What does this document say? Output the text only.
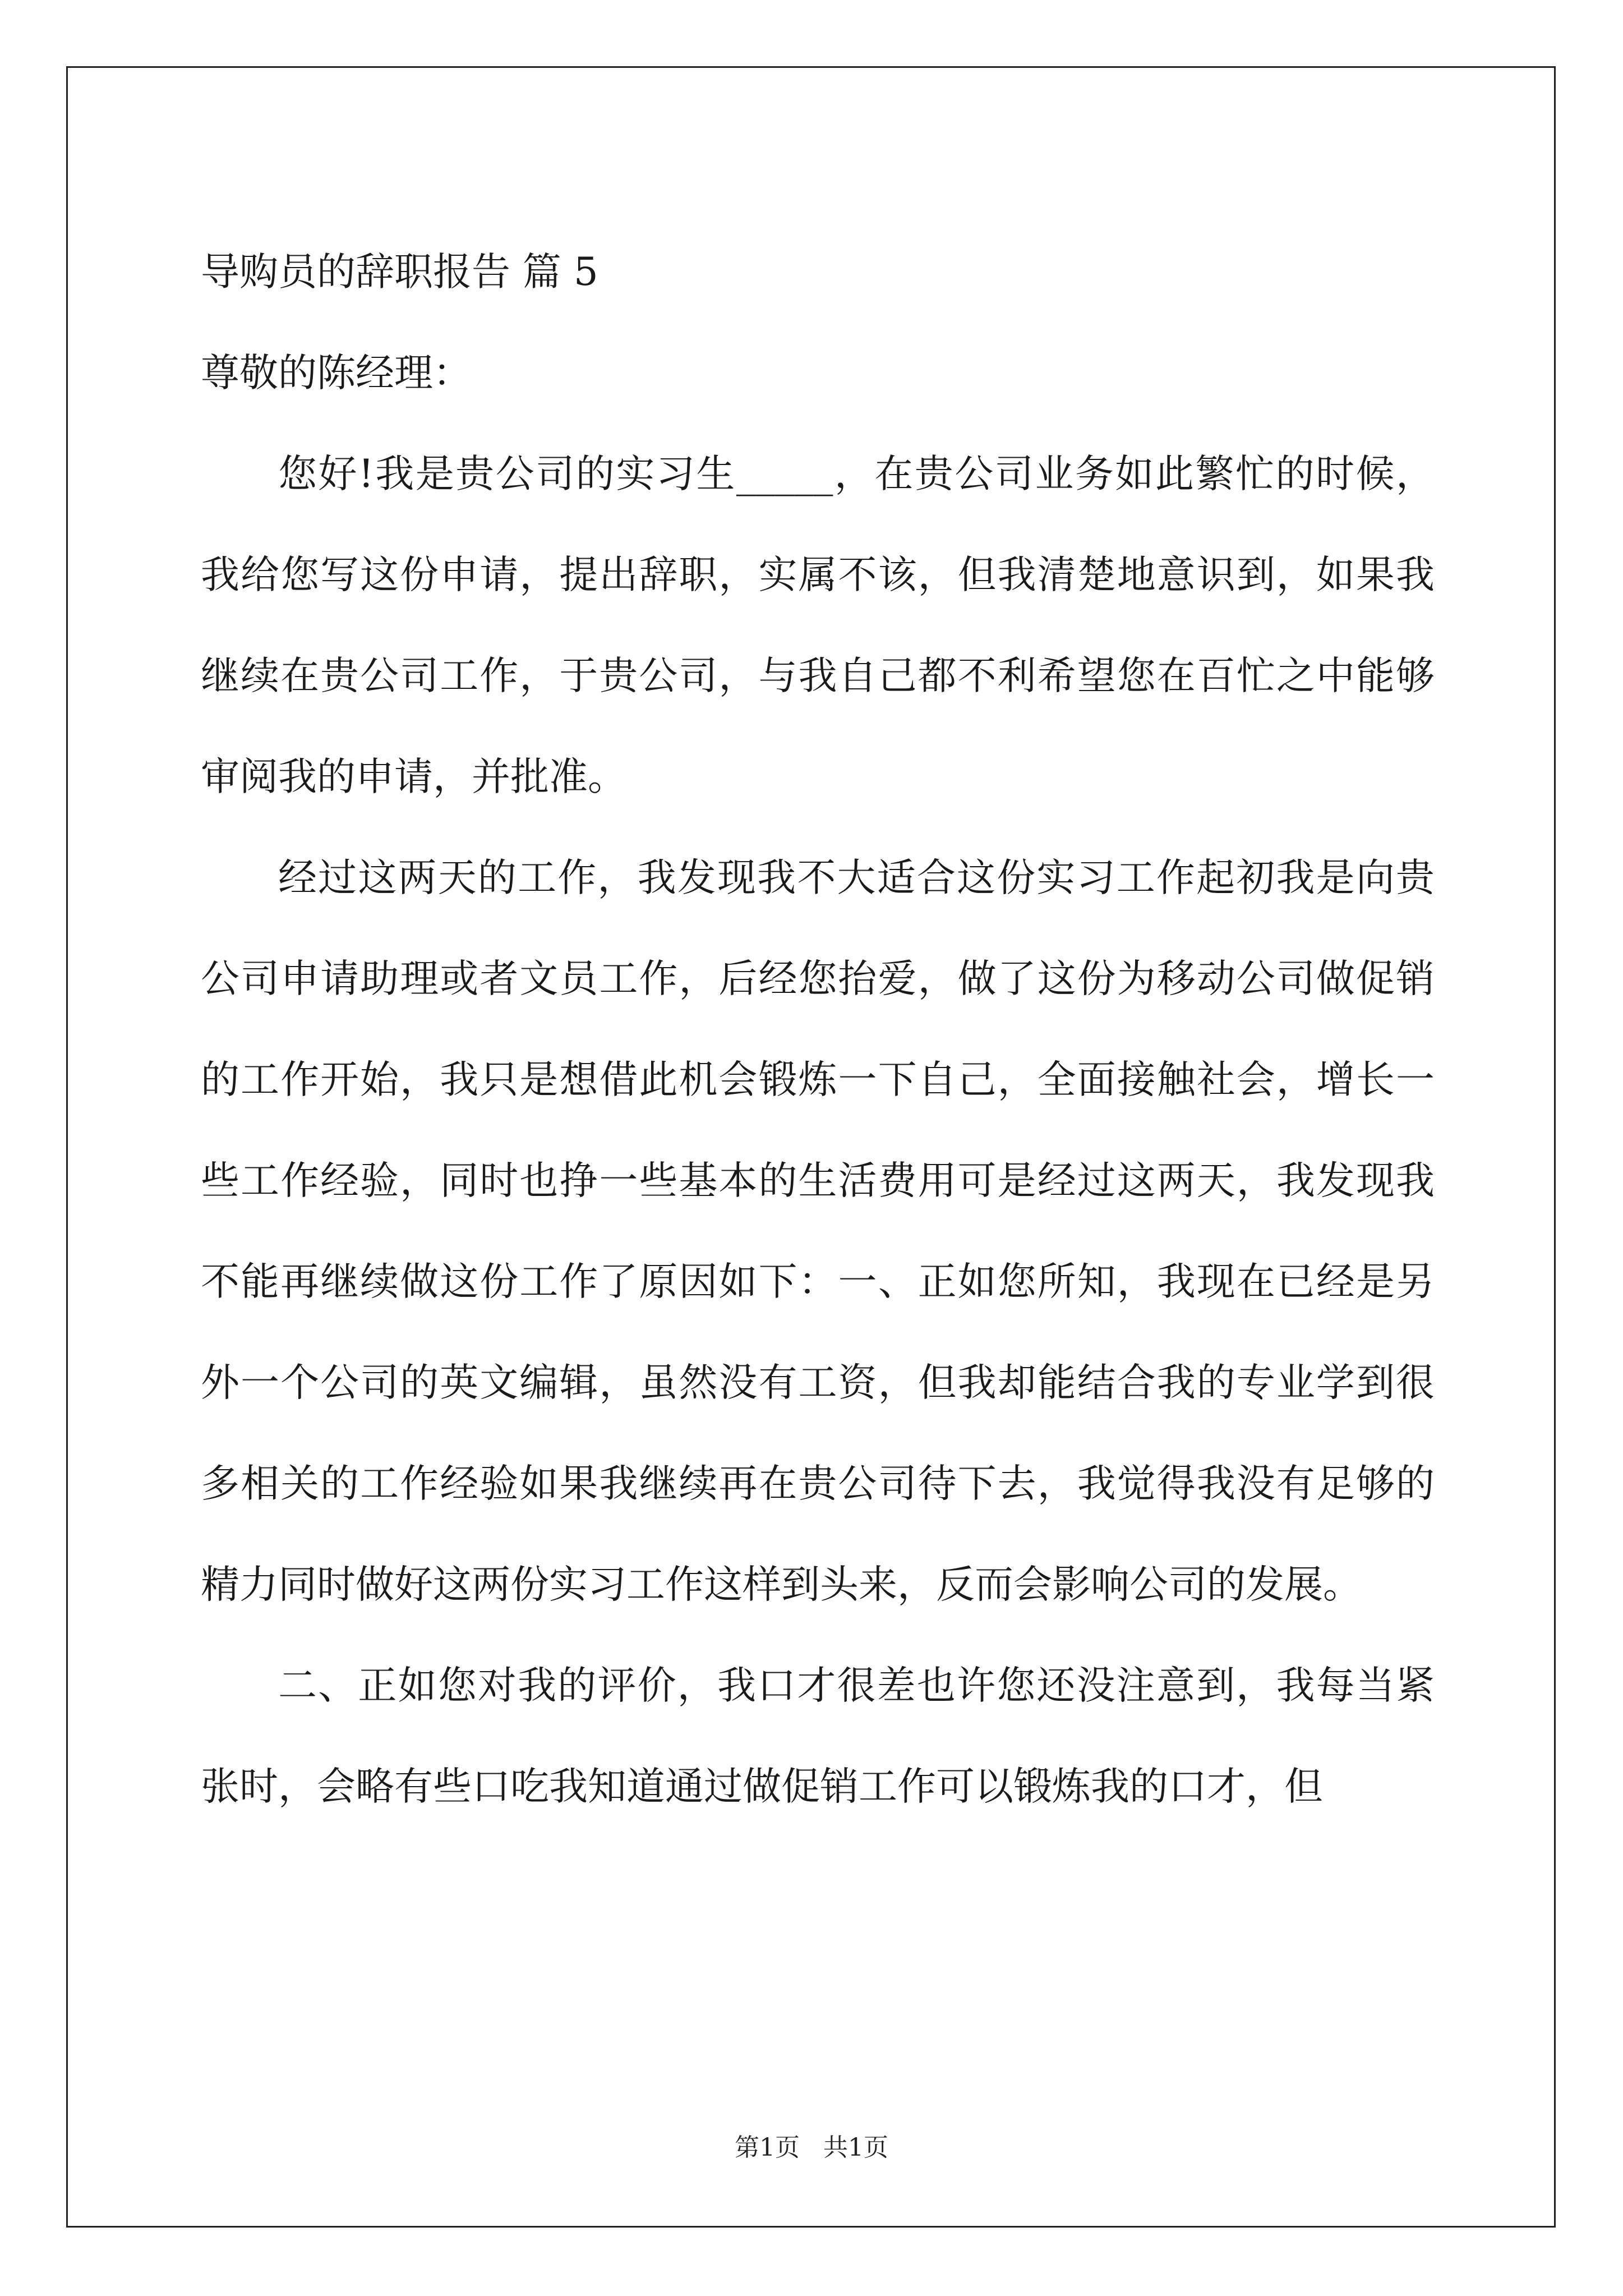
导购员的辞职报告 篇 5

尊敬的陈经理：

您好!我是贵公司的实习生_____，在贵公司业务如此繁忙的时候，我给您写这份申请，提出辞职，实属不该，但我清楚地意识到，如果我继续在贵公司工作，于贵公司，与我自己都不利希望您在百忙之中能够审阅我的申请，并批准。

经过这两天的工作，我发现我不大适合这份实习工作起初我是向贵公司申请助理或者文员工作，后经您抬爱，做了这份为移动公司做促销的工作开始，我只是想借此机会锻炼一下自己，全面接触社会，增长一些工作经验，同时也挣一些基本的生活费用可是经过这两天，我发现我不能再继续做这份工作了原因如下：一、正如您所知，我现在已经是另外一个公司的英文编辑，虽然没有工资，但我却能结合我的专业学到很多相关的工作经验如果我继续再在贵公司待下去，我觉得我没有足够的精力同时做好这两份实习工作这样到头来，反而会影响公司的发展。

二、正如您对我的评价，我口才很差也许您还没注意到，我每当紧张时，会略有些口吃我知道通过做促销工作可以锻炼我的口才，但

第1页   共1页
